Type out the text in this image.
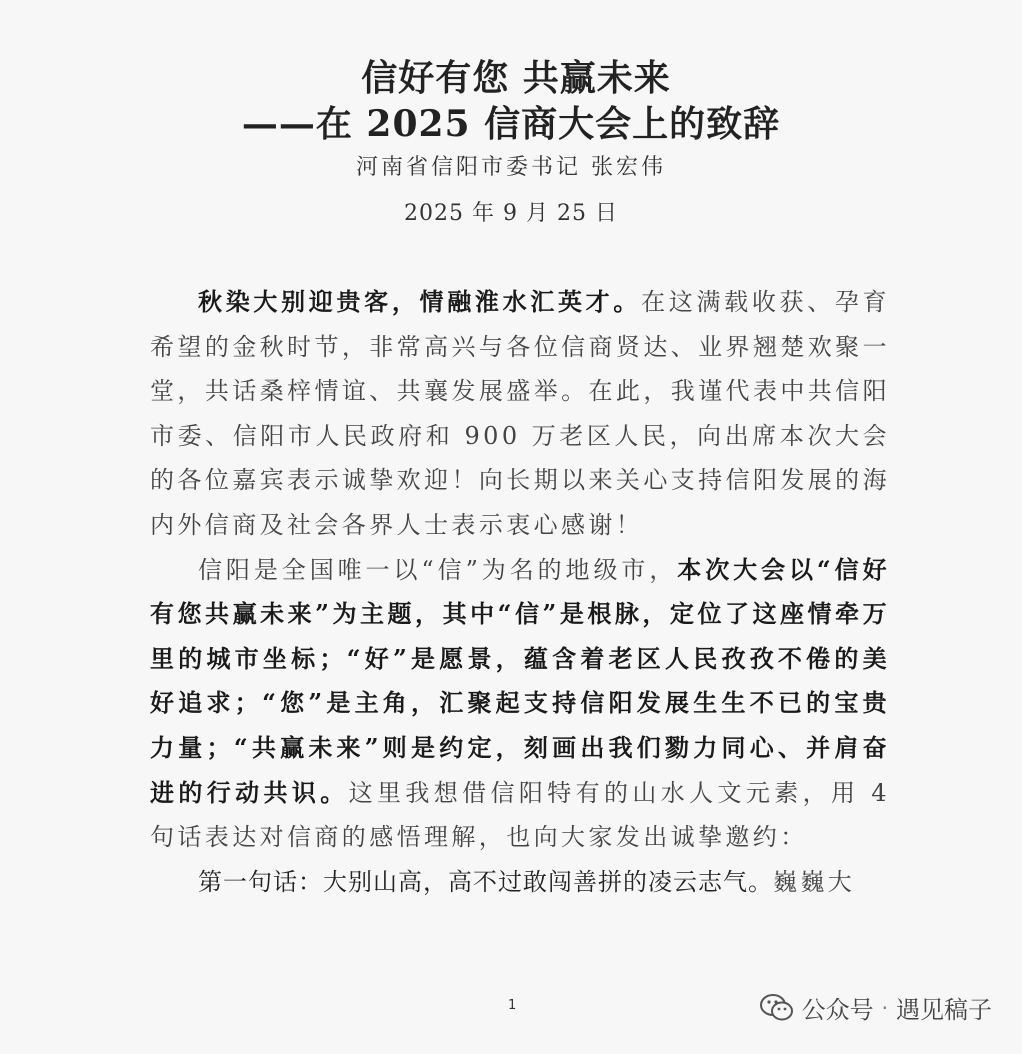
信好有您 共赢未来
——在 2025 信商大会上的致辞
河南省信阳市委书记 张宏伟
2025 年 9 月 25 日

秋染大别迎贵客，情融淮水汇英才。在这满载收获、孕育希望的金秋时节，非常高兴与各位信商贤达、业界翘楚欢聚一堂，共话桑梓情谊、共襄发展盛举。在此，我谨代表中共信阳市委、信阳市人民政府和 900 万老区人民，向出席本次大会的各位嘉宾表示诚挚欢迎！向长期以来关心支持信阳发展的海内外信商及社会各界人士表示衷心感谢！

信阳是全国唯一以“信”为名的地级市，本次大会以“信好有您共赢未来”为主题，其中“信”是根脉，定位了这座情牵万里的城市坐标；“好”是愿景，蕴含着老区人民孜孜不倦的美好追求；“您”是主角，汇聚起支持信阳发展生生不已的宝贵力量；“共赢未来”则是约定，刻画出我们勠力同心、并肩奋进的行动共识。这里我想借信阳特有的山水人文元素，用 4 句话表达对信商的感悟理解，也向大家发出诚挚邀约：

第一句话：大别山高，高不过敢闯善拼的凌云志气。巍巍大

1	公众号 · 遇见稿子
